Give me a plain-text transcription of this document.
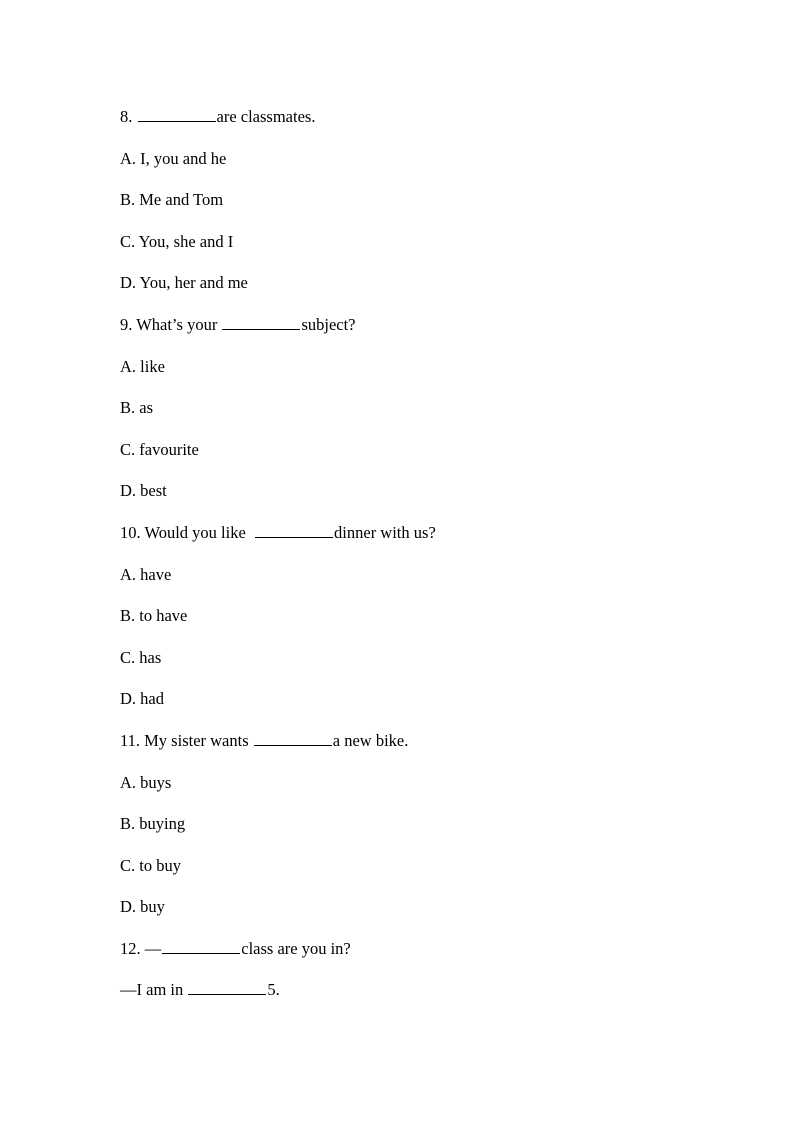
8.	are classmates.
A. I, you and he
B. Me and Tom
C. You, she and I
D. You, her and me
9. What’s your	subject?
A. like
B. as
C. favourite
D. best
10. Would you like	dinner with us?
A. have
B. to have
C. has
D. had
11. My sister wants	a new bike.
A. buys
B. buying
C. to buy
D. buy
12. —	class are you in?
—I am in	5.
